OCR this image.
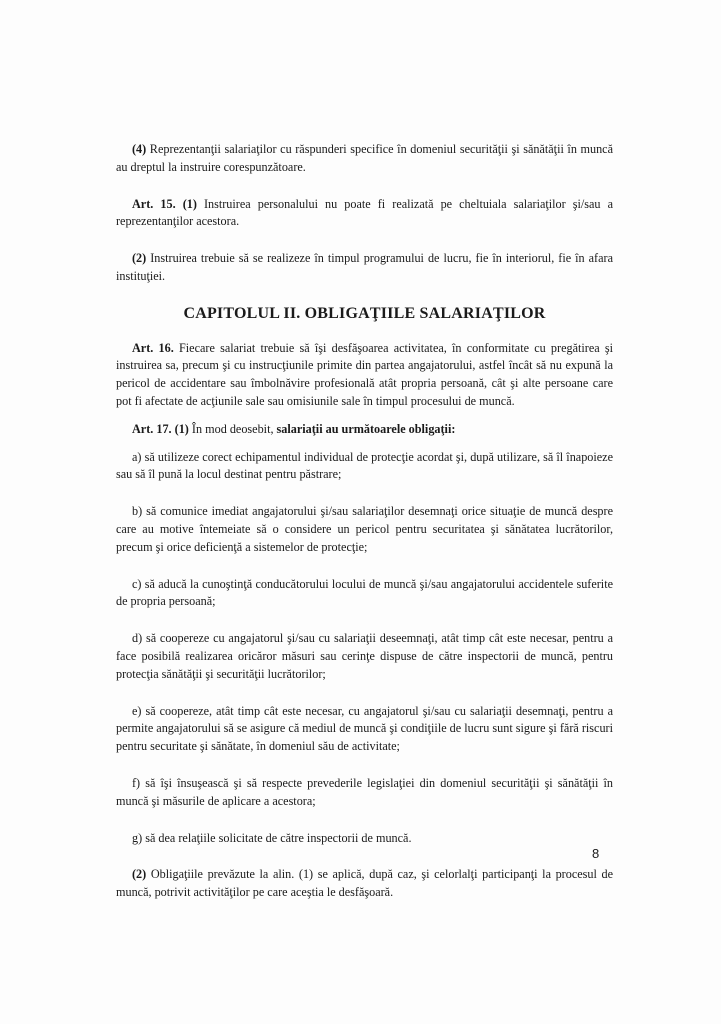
(4) Reprezentanţii salariaţilor cu răspunderi specifice în domeniul securităţii şi sănătăţii în muncă au dreptul la instruire corespunzătoare.

Art. 15. (1) Instruirea personalului nu poate fi realizată pe cheltuiala salariaţilor şi/sau a reprezentanţilor acestora.

(2) Instruirea trebuie să se realizeze în timpul programului de lucru, fie în interiorul, fie în afara instituţiei.

CAPITOLUL II. OBLIGAŢIILE SALARIAŢILOR

Art. 16. Fiecare salariat trebuie să îşi desfăşoarea activitatea, în conformitate cu pregătirea şi instruirea sa, precum şi cu instrucţiunile primite din partea angajatorului, astfel încât să nu expună la pericol de accidentare sau îmbolnăvire profesională atât propria persoană, cât şi alte persoane care pot fi afectate de acţiunile sale sau omisiunile sale în timpul procesului de muncă.

Art. 17. (1) În mod deosebit, salariaţii au următoarele obligaţii:

a) să utilizeze corect echipamentul individual de protecţie acordat şi, după utilizare, să îl înapoieze sau să îl pună la locul destinat pentru păstrare;

b) să comunice imediat angajatorului şi/sau salariaţilor desemnaţi orice situaţie de muncă despre care au motive întemeiate să o considere un pericol pentru securitatea şi sănătatea lucrătorilor, precum şi orice deficienţă a sistemelor de protecţie;

c) să aducă la cunoştinţă conducătorului locului de muncă şi/sau angajatorului accidentele suferite de propria persoană;

d) să coopereze cu angajatorul şi/sau cu salariaţii deseemnaţi, atât timp cât este necesar, pentru a face posibilă realizarea oricăror măsuri sau cerinţe dispuse de către inspectorii de muncă, pentru protecţia sănătăţii şi securităţii lucrătorilor;

e) să coopereze, atât timp cât este necesar, cu angajatorul şi/sau cu salariaţii desemnaţi, pentru a permite angajatorului să se asigure că mediul de muncă şi condiţiile de lucru sunt sigure şi fără riscuri pentru securitate şi sănătate, în domeniul său de activitate;

f) să îşi însuşească şi să respecte prevederile legislaţiei din domeniul securităţii şi sănătăţii în muncă şi măsurile de aplicare a acestora;

g) să dea relaţiile solicitate de către inspectorii de muncă.

(2) Obligaţiile prevăzute la alin. (1) se aplică, după caz, şi celorlalţi participanţi la procesul de muncă, potrivit activităţilor pe care aceştia le desfăşoară.

8
